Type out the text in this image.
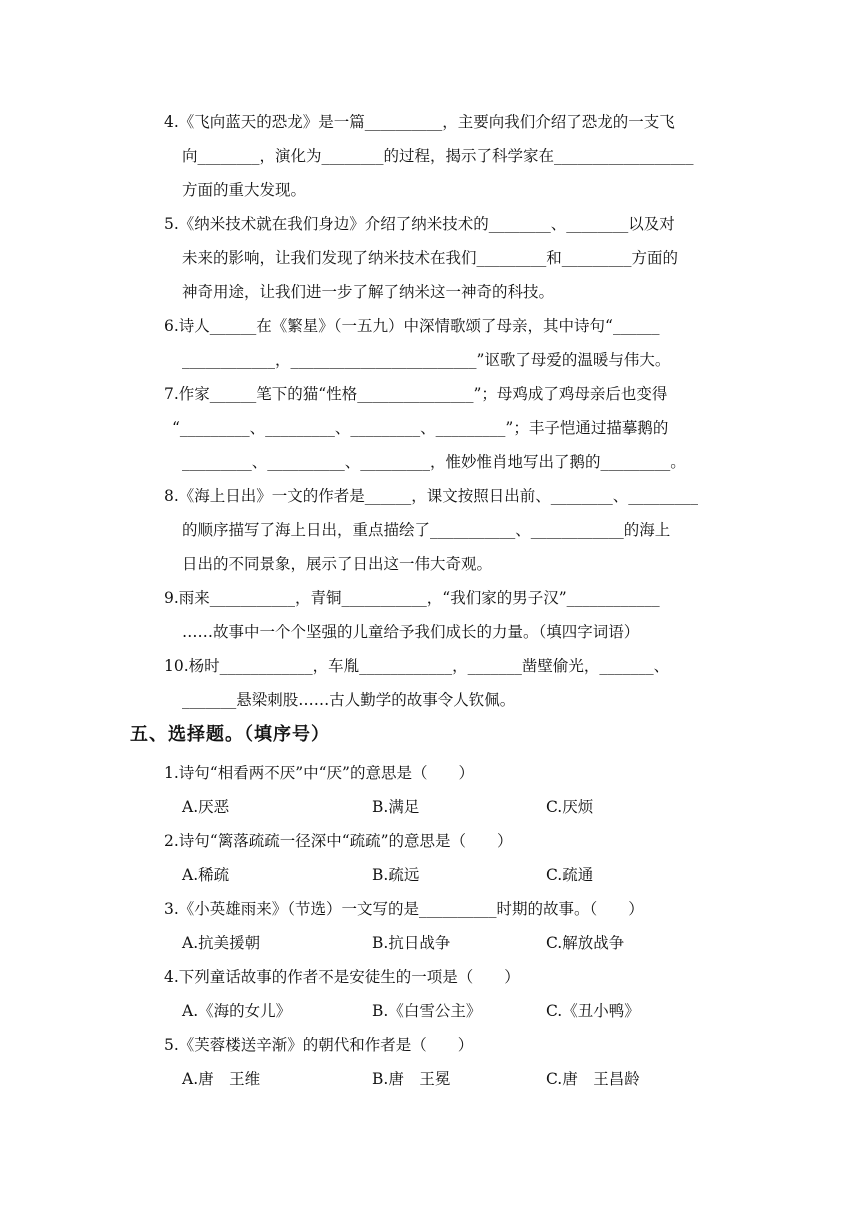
4.《飞向蓝天的恐龙》是一篇__________，主要向我们介绍了恐龙的一支飞
向________，演化为________的过程，揭示了科学家在__________________
方面的重大发现。
5.《纳米技术就在我们身边》介绍了纳米技术的________、________以及对
未来的影响，让我们发现了纳米技术在我们_________和_________方面的
神奇用途，让我们进一步了解了纳米这一神奇的科技。
6.诗人______在《繁星》（一五九）中深情歌颂了母亲，其中诗句“______
____________，________________________”讴歌了母爱的温暖与伟大。
7.作家______笔下的猫“性格_______________”；母鸡成了鸡母亲后也变得
“_________、_________、_________、_________”；丰子恺通过描摹鹅的
_________、__________、_________，惟妙惟肖地写出了鹅的_________。
8.《海上日出》一文的作者是______，课文按照日出前、________、_________
的顺序描写了海上日出，重点描绘了___________、____________的海上
日出的不同景象，展示了日出这一伟大奇观。
9.雨来___________，青铜___________，“我们家的男子汉”____________
……故事中一个个坚强的儿童给予我们成长的力量。（填四字词语）
10.杨时____________，车胤____________，_______凿壁偷光，_______、
_______悬梁刺股……古人勤学的故事令人钦佩。
五、选择题。（填序号）
1.诗句“相看两不厌”中“厌”的意思是（　　）
A.厌恶	B.满足	C.厌烦
2.诗句“篱落疏疏一径深中“疏疏”的意思是（　　）
A.稀疏	B.疏远	C.疏通
3.《小英雄雨来》（节选）一文写的是__________时期的故事。（　　）
A.抗美援朝	B.抗日战争	C.解放战争
4.下列童话故事的作者不是安徒生的一项是（　　）
A.《海的女儿》	B.《白雪公主》	C.《丑小鸭》
5.《芙蓉楼送辛渐》的朝代和作者是（　　）
A.唐　王维	B.唐　王冕	C.唐　王昌龄
